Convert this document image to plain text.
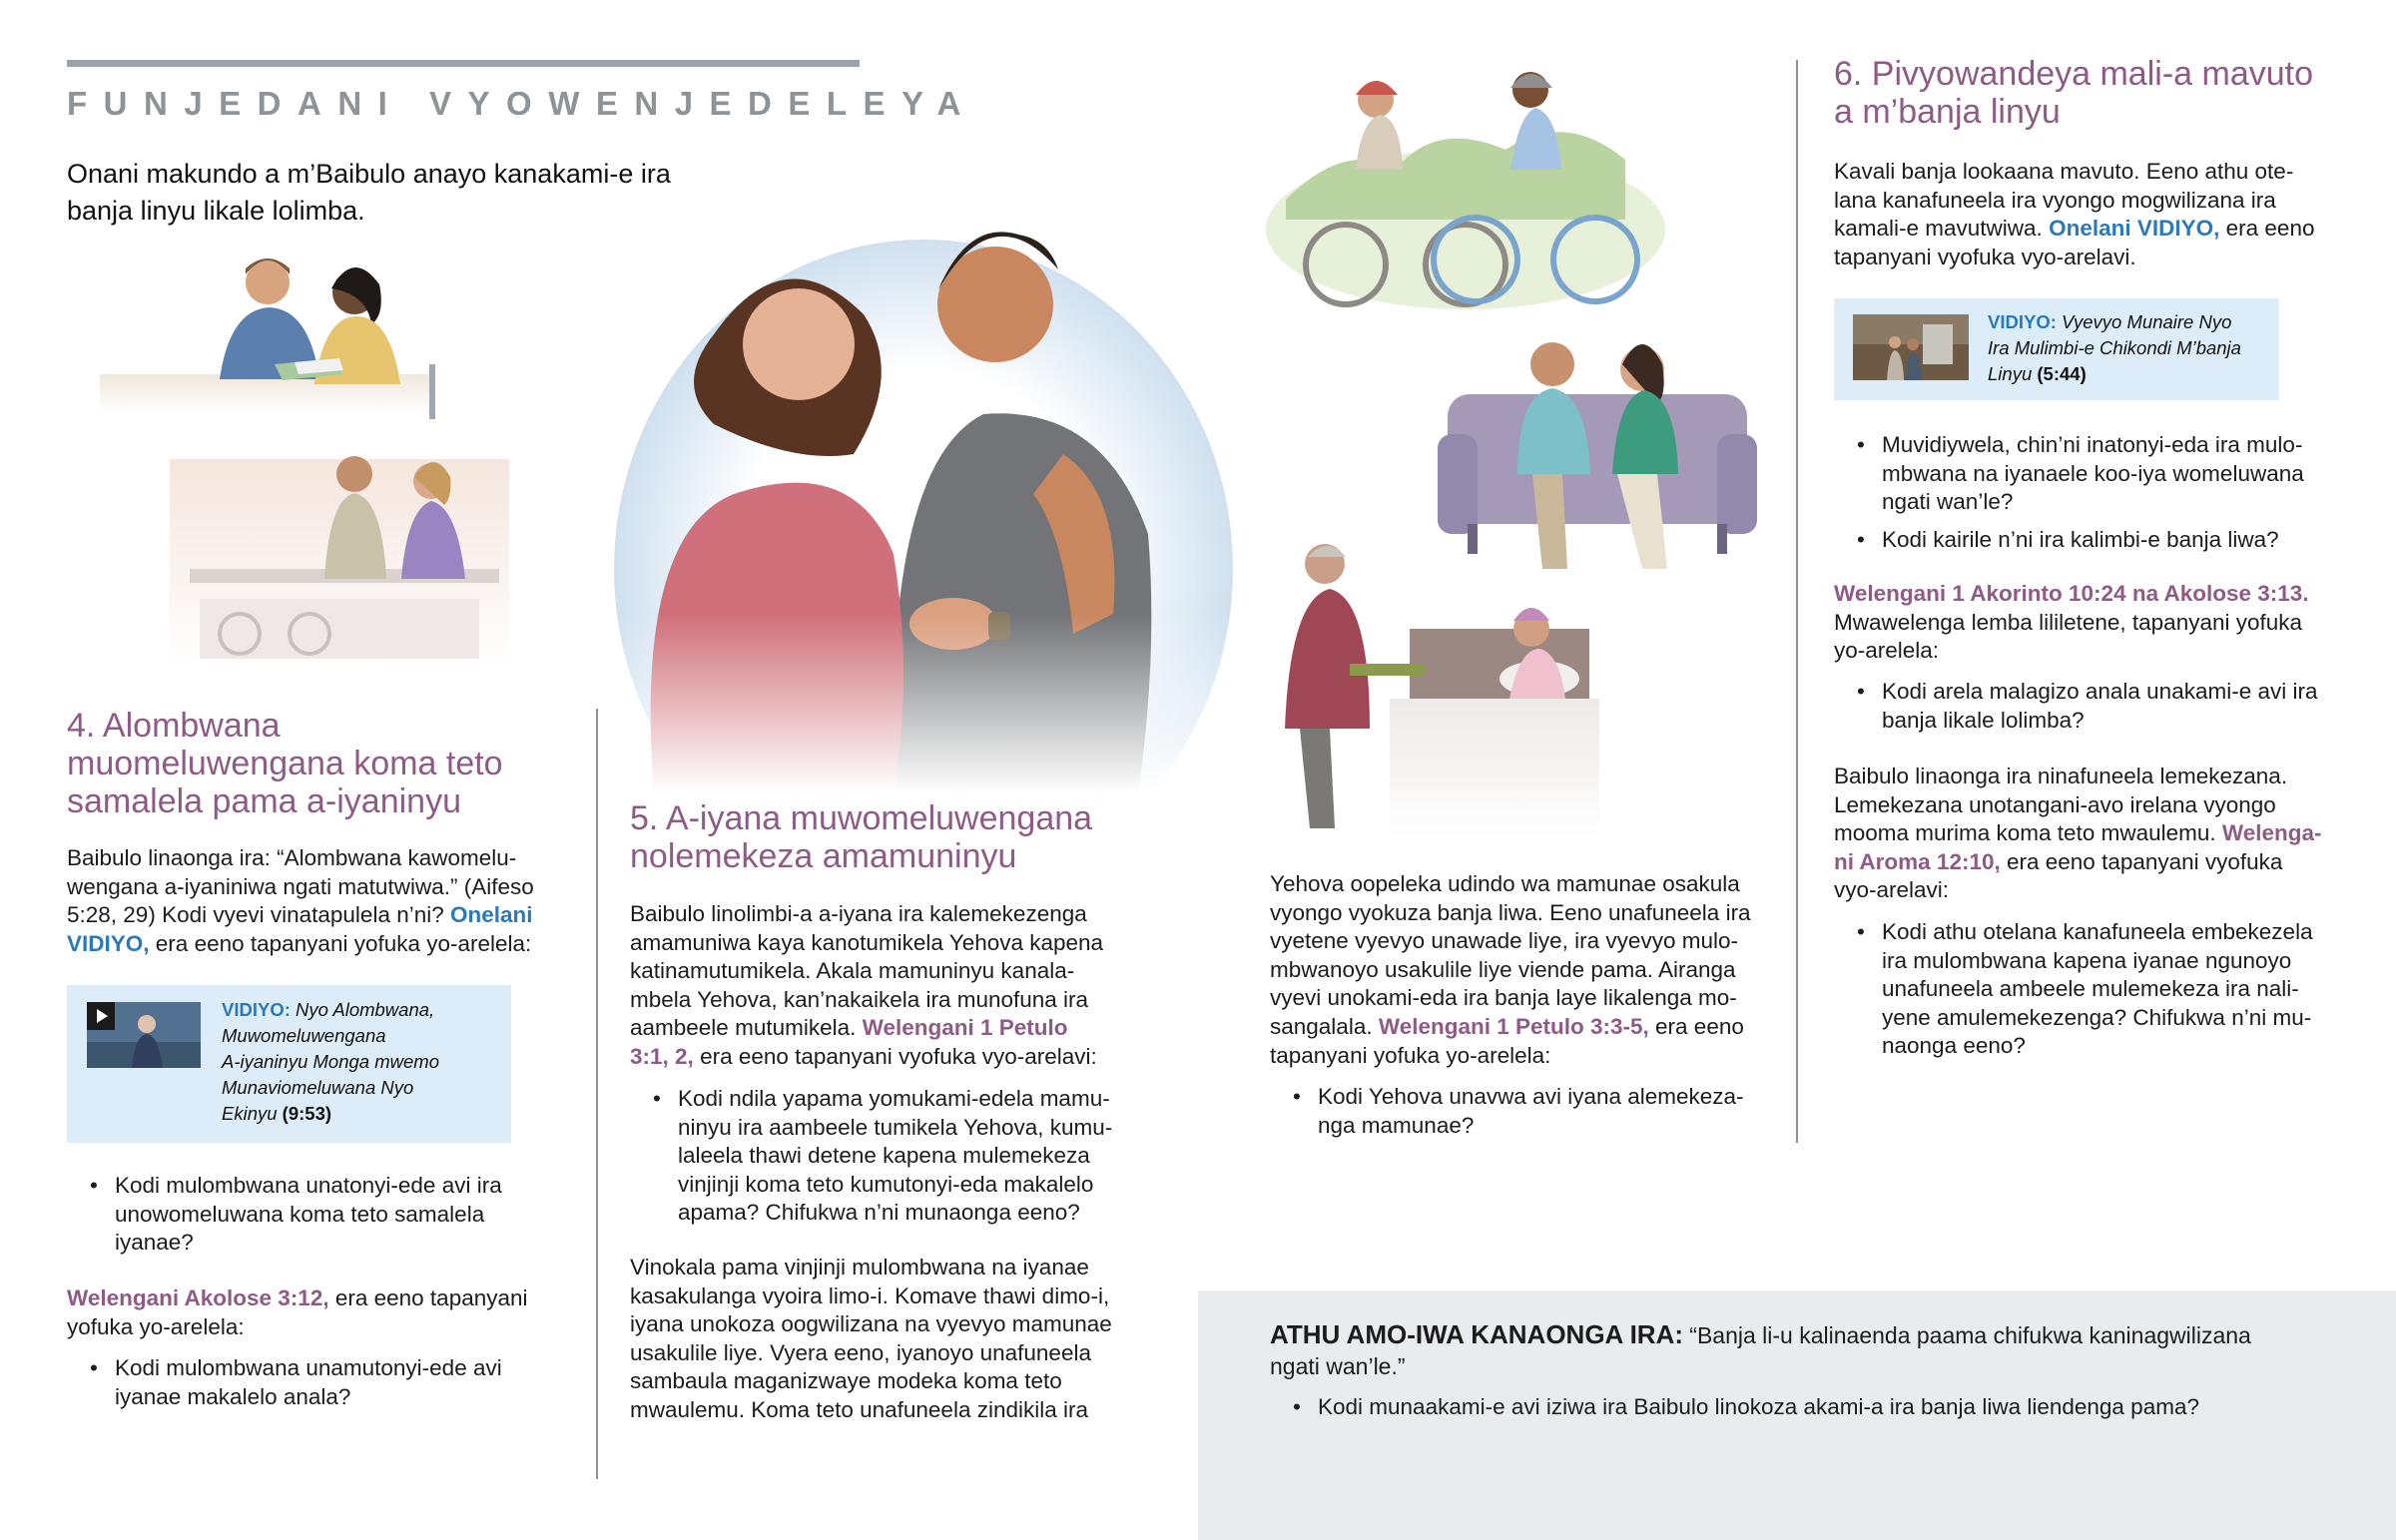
FUNJEDANI VYOWENJEDELEYA
Onani makundo a m’Baibulo anayo kanakami-e ira banja linyu likale lolimba.
4. Alombwana
muomeluwengana koma teto
samalela pama a-iyaninyu
Baibulo linaonga ira: “Alombwana kawomelu-
wengana a-iyaniniwa ngati matutwiwa.” (Aifeso
5:28, 29) Kodi vyevi vinatapulela n’ni? Onelani
VIDIYO, era eeno tapanyani yofuka yo-arelela:
VIDIYO: Nyo Alombwana,
Muwomeluwengana
A-iyaninyu Monga mwemo
Munaviomeluwana Nyo
Ekinyu (9:53)
• Kodi mulombwana unatonyi-ede avi ira
unowomeluwana koma teto samalela
iyanae?
Welengani Akolose 3:12, era eeno tapanyani
yofuka yo-arelela:
• Kodi mulombwana unamutonyi-ede avi
iyanae makalelo anala?
5. A-iyana muwomeluwengana
nolemekeza amamuninyu
Baibulo linolimbi-a a-iyana ira kalemekezenga
amamuniwa kaya kanotumikela Yehova kapena
katinamutumikela. Akala mamuninyu kanala-
mbela Yehova, kan’nakaikela ira munofuna ira
aambeele mutumikela. Welengani 1 Petulo
3:1, 2, era eeno tapanyani vyofuka vyo-arelavi:
• Kodi ndila yapama yomukami-edela mamu-
ninyu ira aambeele tumikela Yehova, kumu-
laleela thawi detene kapena mulemekeza
vinjinji koma teto kumutonyi-eda makalelo
apama? Chifukwa n’ni munaonga eeno?
Vinokala pama vinjinji mulombwana na iyanae
kasakulanga vyoira limo-i. Komave thawi dimo-i,
iyana unokoza oogwilizana na vyevyo mamunae
usakulile liye. Vyera eeno, iyanoyo unafuneela
sambaula maganizwaye modeka koma teto
mwaulemu. Koma teto unafuneela zindikila ira
Yehova oopeleka udindo wa mamunae osakula
vyongo vyokuza banja liwa. Eeno unafuneela ira
vyetene vyevyo unawade liye, ira vyevyo mulo-
mbwanoyo usakulile liye viende pama. Airanga
vyevi unokami-eda ira banja laye likalenga mo-
sangalala. Welengani 1 Petulo 3:3-5, era eeno
tapanyani yofuka yo-arelela:
• Kodi Yehova unavwa avi iyana alemekeza-
nga mamunae?
6. Pivyowandeya mali-a mavuto
a m’banja linyu
Kavali banja lookaana mavuto. Eeno athu ote-
lana kanafuneela ira vyongo mogwilizana ira
kamali-e mavutwiwa. Onelani VIDIYO, era eeno
tapanyani vyofuka vyo-arelavi.
VIDIYO: Vyevyo Munaire Nyo
Ira Mulimbi-e Chikondi M’banja
Linyu (5:44)
• Muvidiywela, chin’ni inatonyi-eda ira mulo-
mbwana na iyanaele koo-iya womeluwana
ngati wan’le?
• Kodi kairile n’ni ira kalimbi-e banja liwa?
Welengani 1 Akorinto 10:24 na Akolose 3:13.
Mwawelenga lemba lililetene, tapanyani yofuka
yo-arelela:
• Kodi arela malagizo anala unakami-e avi ira
banja likale lolimba?
Baibulo linaonga ira ninafuneela lemekezana.
Lemekezana unotangani-avo irelana vyongo
mooma murima koma teto mwaulemu. Welenga-
ni Aroma 12:10, era eeno tapanyani vyofuka
vyo-arelavi:
• Kodi athu otelana kanafuneela embekezela
ira mulombwana kapena iyanae ngunoyo
unafuneela ambeele mulemekeza ira nali-
yene amulemekezenga? Chifukwa n’ni mu-
naonga eeno?
ATHU AMO-IWA KANAONGA IRA: “Banja li-u kalinaenda paama chifukwa kaninagwilizana
ngati wan’le.”
• Kodi munaakami-e avi iziwa ira Baibulo linokoza akami-a ira banja liwa liendenga pama?
